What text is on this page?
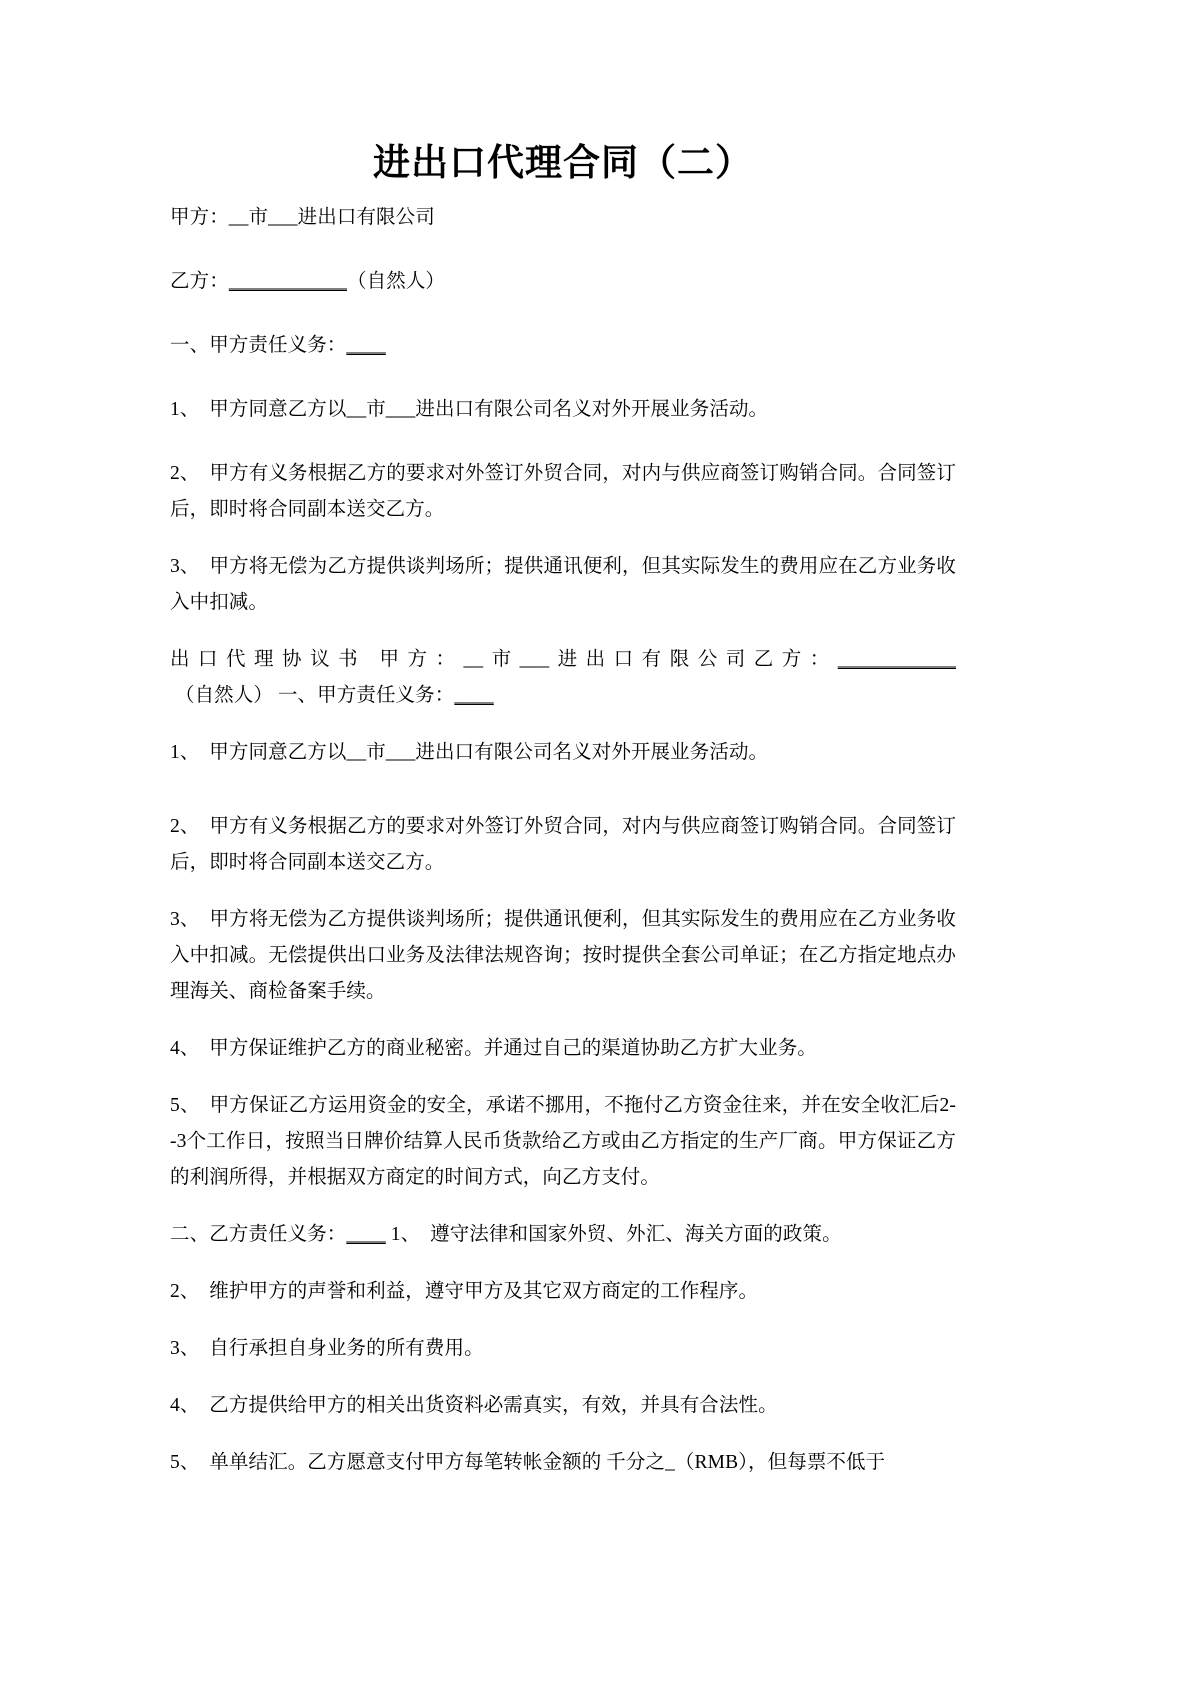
进出口代理合同（二）

甲方：__市___进出口有限公司

乙方：____________（自然人）

一、甲方责任义务：____

1、　甲方同意乙方以__市___进出口有限公司名义对外开展业务活动。

2、　甲方有义务根据乙方的要求对外签订外贸合同，对内与供应商签订购销合同。合同签订后，即时将合同副本送交乙方。

3、　甲方将无偿为乙方提供谈判场所；提供通讯便利，但其实际发生的费用应在乙方业务收入中扣减。

出口代理协议书 甲方：__市___进出口有限公司乙方：____________ （自然人） 一、甲方责任义务：____

1、　甲方同意乙方以__市___进出口有限公司名义对外开展业务活动。

2、　甲方有义务根据乙方的要求对外签订外贸合同，对内与供应商签订购销合同。合同签订后，即时将合同副本送交乙方。

3、　甲方将无偿为乙方提供谈判场所；提供通讯便利，但其实际发生的费用应在乙方业务收入中扣减。无偿提供出口业务及法律法规咨询；按时提供全套公司单证；在乙方指定地点办理海关、商检备案手续。

4、　甲方保证维护乙方的商业秘密。并通过自己的渠道协助乙方扩大业务。

5、　甲方保证乙方运用资金的安全，承诺不挪用，不拖付乙方资金往来，并在安全收汇后2--3个工作日，按照当日牌价结算人民币货款给乙方或由乙方指定的生产厂商。甲方保证乙方的利润所得，并根据双方商定的时间方式，向乙方支付。

二、乙方责任义务：____ 1、　遵守法律和国家外贸、外汇、海关方面的政策。

2、　维护甲方的声誉和利益，遵守甲方及其它双方商定的工作程序。

3、　自行承担自身业务的所有费用。

4、　乙方提供给甲方的相关出货资料必需真实，有效，并具有合法性。

5、　单单结汇。乙方愿意支付甲方每笔转帐金额的 千分之_（RMB），但每票不低于
